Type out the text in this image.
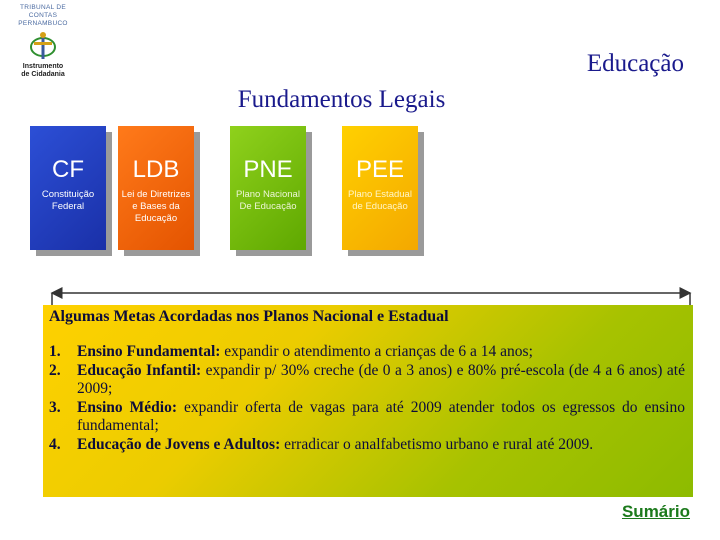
TRIBUNAL DE CONTAS
PERNAMBUCO
Instrumento
de Cidadania	Educação
Fundamentos Legais
CF
Constituição Federal
LDB
Lei de Diretrizes e Bases da Educação
PNE
Plano Nacional De Educação
PEE
Plano Estadual de Educação
Algumas Metas Acordadas nos Planos Nacional e Estadual
1. Ensino Fundamental: expandir o atendimento a crianças de 6 a 14 anos;
2. Educação Infantil: expandir p/ 30% creche (de 0 a 3 anos) e 80% pré-escola (de 4 a 6 anos) até 2009;
3. Ensino Médio: expandir oferta de vagas para até 2009 atender todos os egressos do ensino fundamental;
4. Educação de Jovens e Adultos: erradicar o analfabetismo urbano e rural até 2009.
Sumário
